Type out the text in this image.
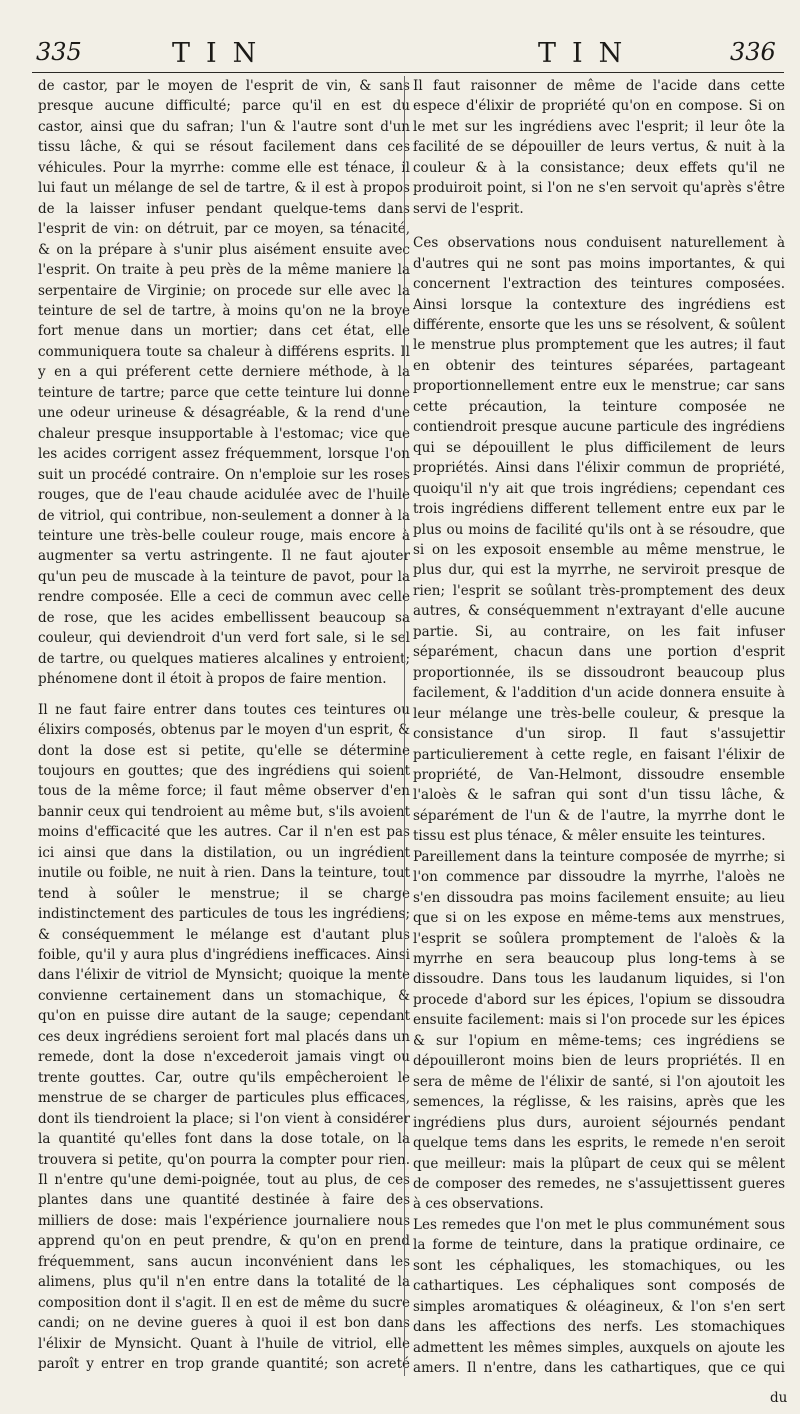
335	TIN	TIN	336

de castor, par le moyen de l'esprit de vin, & sans presque aucune difficulté; parce qu'il en est du castor, ainsi que du safran; l'un & l'autre sont d'un tissu lâche, & qui se résout facilement dans ces véhicules. Pour la myrrhe: comme elle est ténace, il lui faut un mélange de sel de tartre, & il est à propos de la laisser infuser pendant quelque-tems dans l'esprit de vin: on détruit, par ce moyen, sa ténacité, & on la prépare à s'unir plus aisément ensuite avec l'esprit. On traite à peu près de la même maniere la serpentaire de Virginie; on procede sur elle avec la teinture de sel de tartre, à moins qu'on ne la broye fort menue dans un mortier; dans cet état, elle communiquera toute sa chaleur à différens esprits. Il y en a qui préferent cette derniere méthode, à la teinture de tartre; parce que cette teinture lui donne une odeur urineuse & désagréable, & la rend d'une chaleur presque insupportable à l'estomac; vice que les acides corrigent assez fréquemment, lorsque l'on suit un procédé contraire. On n'emploie sur les roses rouges, que de l'eau chaude acidulée avec de l'huile de vitriol, qui contribue, non-seulement a donner à la teinture une très-belle couleur rouge, mais encore à augmenter sa vertu astringente. Il ne faut ajouter qu'un peu de muscade à la teinture de pavot, pour la rendre composée. Elle a ceci de commun avec celle de rose, que les acides embellissent beaucoup sa couleur, qui deviendroit d'un verd fort sale, si le sel de tartre, ou quelques matieres alcalines y entroient; phénomene dont il étoit à propos de faire mention.

Il ne faut faire entrer dans toutes ces teintures ou élixirs composés, obtenus par le moyen d'un esprit, & dont la dose est si petite, qu'elle se détermine toujours en gouttes; que des ingrédiens qui soient tous de la même force; il faut même observer d'en bannir ceux qui tendroient au même but, s'ils avoient moins d'efficacité que les autres. Car il n'en est pas ici ainsi que dans la distilation, ou un ingrédient inutile ou foible, ne nuit à rien. Dans la teinture, tout tend à soûler le menstrue; il se charge indistinctement des particules de tous les ingrédiens; & conséquemment le mélange est d'autant plus foible, qu'il y aura plus d'ingrédiens inefficaces. Ainsi dans l'élixir de vitriol de Mynsicht; quoique la mente convienne certainement dans un stomachique, & qu'on en puisse dire autant de la sauge; cependant ces deux ingrédiens seroient fort mal placés dans un remede, dont la dose n'excederoit jamais vingt ou trente gouttes. Car, outre qu'ils empêcheroient le menstrue de se charger de particules plus efficaces, dont ils tiendroient la place; si l'on vient à considérer la quantité qu'elles font dans la dose totale, on la trouvera si petite, qu'on pourra la compter pour rien. Il n'entre qu'une demi-poignée, tout au plus, de ces plantes dans une quantité destinée à faire des milliers de dose: mais l'expérience journaliere nous apprend qu'on en peut prendre, & qu'on en prend fréquemment, sans aucun inconvénient dans les alimens, plus qu'il n'en entre dans la totalité de la composition dont il s'agit. Il en est de même du sucre candi; on ne devine gueres à quoi il est bon dans l'élixir de Mynsicht. Quant à l'huile de vitriol, elle paroît y entrer en trop grande quantité; son acreté

Il faut raisonner de même de l'acide dans cette espece d'élixir de propriété qu'on en compose. Si on le met sur les ingrédiens avec l'esprit; il leur ôte la facilité de se dépouiller de leurs vertus, & nuit à la couleur & à la consistance; deux effets qu'il ne produiroit point, si l'on ne s'en servoit qu'après s'être servi de l'esprit.

Ces observations nous conduisent naturellement à d'autres qui ne sont pas moins importantes, & qui concernent l'extraction des teintures composées. Ainsi lorsque la contexture des ingrédiens est différente, ensorte que les uns se résolvent, & soûlent le menstrue plus promptement que les autres; il faut en obtenir des teintures séparées, partageant proportionnellement entre eux le menstrue; car sans cette précaution, la teinture composée ne contiendroit presque aucune particule des ingrédiens qui se dépouillent le plus difficilement de leurs propriétés. Ainsi dans l'élixir commun de propriété, quoiqu'il n'y ait que trois ingrédiens; cependant ces trois ingrédiens different tellement entre eux par le plus ou moins de facilité qu'ils ont à se résoudre, que si on les exposoit ensemble au même menstrue, le plus dur, qui est la myrrhe, ne serviroit presque de rien; l'esprit se soûlant très-promptement des deux autres, & conséquemment n'extrayant d'elle aucune partie. Si, au contraire, on les fait infuser séparément, chacun dans une portion d'esprit proportionnée, ils se dissoudront beaucoup plus facilement, & l'addition d'un acide donnera ensuite à leur mélange une très-belle couleur, & presque la consistance d'un sirop. Il faut s'assujettir particulierement à cette regle, en faisant l'élixir de propriété, de Van-Helmont, dissoudre ensemble l'aloès & le safran qui sont d'un tissu lâche, & séparément de l'un & de l'autre, la myrrhe dont le tissu est plus ténace, & mêler ensuite les teintures.

Pareillement dans la teinture composée de myrrhe; si l'on commence par dissoudre la myrrhe, l'aloès ne s'en dissoudra pas moins facilement ensuite; au lieu que si on les expose en même-tems aux menstrues, l'esprit se soûlera promptement de l'aloès & la myrrhe en sera beaucoup plus long-tems à se dissoudre. Dans tous les laudanum liquides, si l'on procede d'abord sur les épices, l'opium se dissoudra ensuite facilement: mais si l'on procede sur les épices & sur l'opium en même-tems; ces ingrédiens se dépouilleront moins bien de leurs propriétés. Il en sera de même de l'élixir de santé, si l'on ajoutoit les semences, la réglisse, & les raisins, après que les ingrédiens plus durs, auroient séjournés pendant quelque tems dans les esprits, le remede n'en seroit que meilleur: mais la plûpart de ceux qui se mêlent de composer des remedes, ne s'assujettissent gueres à ces observations.

Les remedes que l'on met le plus communément sous la forme de teinture, dans la pratique ordinaire, ce sont les céphaliques, les stomachiques, ou les cathartiques. Les céphaliques sont composés de simples aromatiques & oléagineux, & l'on s'en sert dans les affections des nerfs. Les stomachiques admettent les mêmes simples, auxquels on ajoute les amers. Il n'entre, dans les cathartiques, que ce qui

du
